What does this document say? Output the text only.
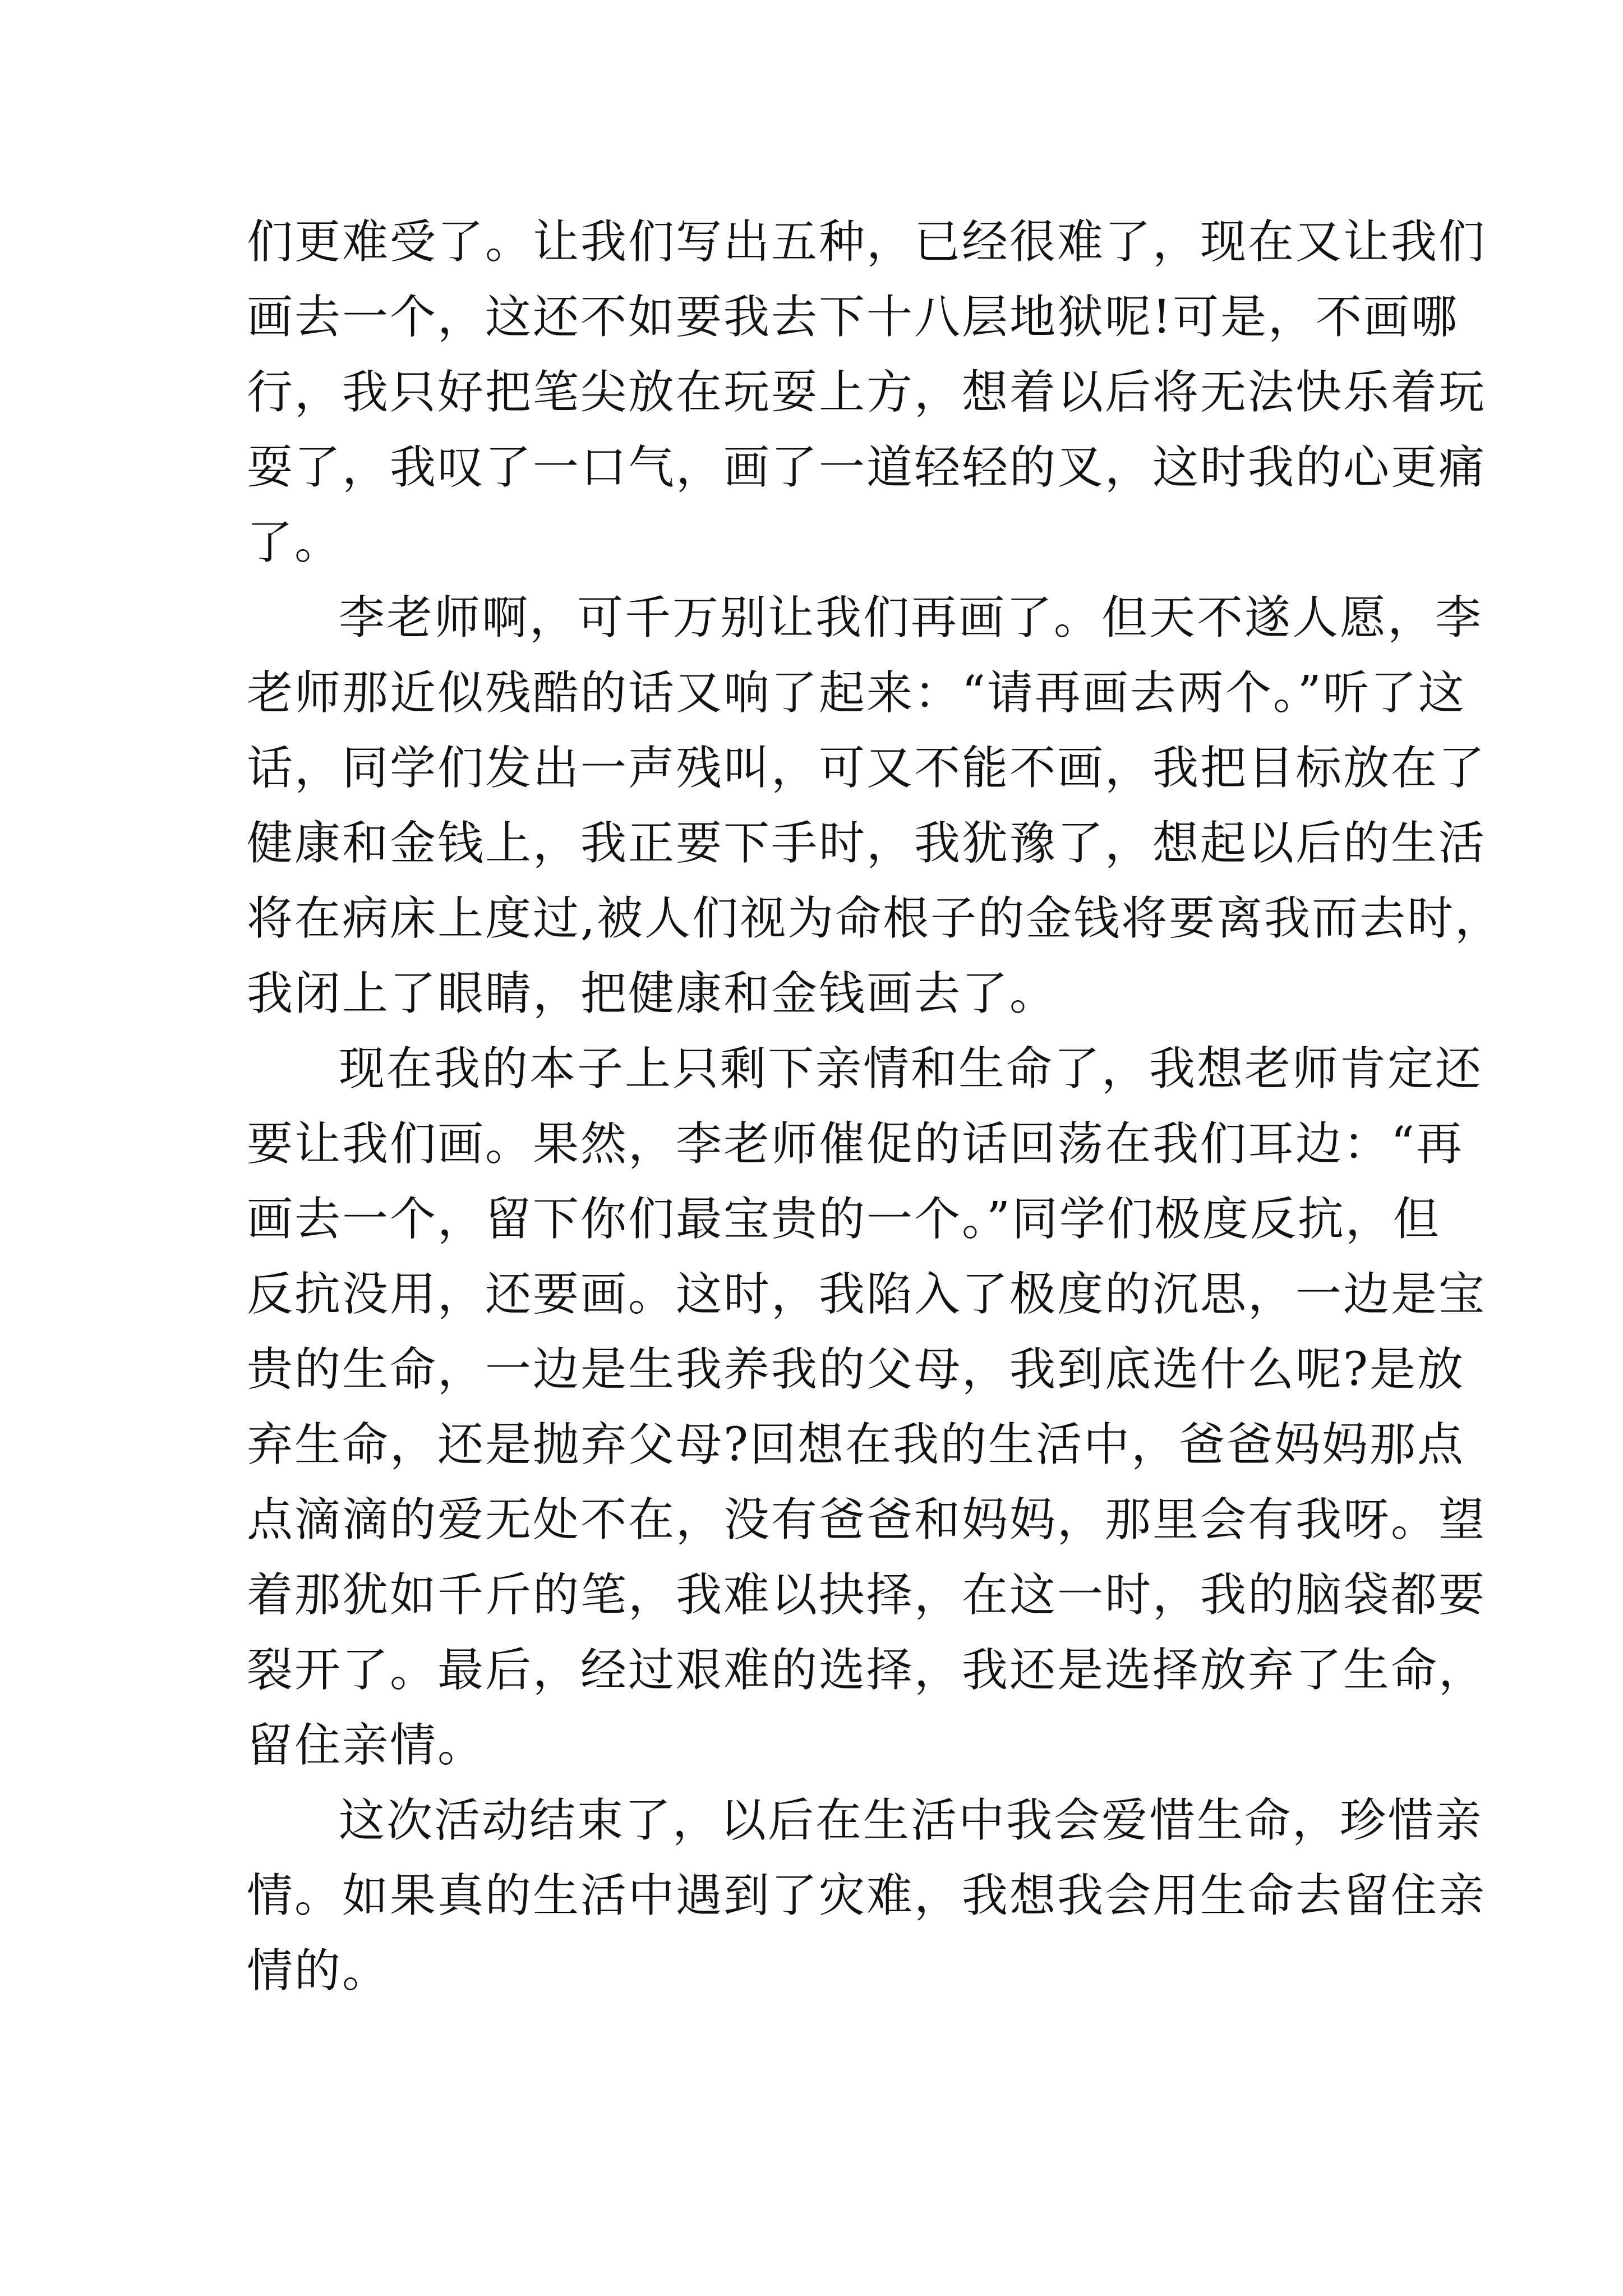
们更难受了。让我们写出五种，已经很难了，现在又让我们
画去一个，这还不如要我去下十八层地狱呢!可是，不画哪
行，我只好把笔尖放在玩耍上方，想着以后将无法快乐着玩
耍了，我叹了一口气，画了一道轻轻的叉，这时我的心更痛
了。
李老师啊，可千万别让我们再画了。但天不遂人愿，李
老师那近似残酷的话又响了起来：“请再画去两个。”听了这
话，同学们发出一声残叫，可又不能不画，我把目标放在了
健康和金钱上，我正要下手时，我犹豫了，想起以后的生活
将在病床上度过,被人们视为命根子的金钱将要离我而去时，
我闭上了眼睛，把健康和金钱画去了。
现在我的本子上只剩下亲情和生命了，我想老师肯定还
要让我们画。果然，李老师催促的话回荡在我们耳边：“再
画去一个，留下你们最宝贵的一个。”同学们极度反抗，但
反抗没用，还要画。这时，我陷入了极度的沉思，一边是宝
贵的生命，一边是生我养我的父母，我到底选什么呢?是放
弃生命，还是抛弃父母?回想在我的生活中，爸爸妈妈那点
点滴滴的爱无处不在，没有爸爸和妈妈，那里会有我呀。望
着那犹如千斤的笔，我难以抉择，在这一时，我的脑袋都要
裂开了。最后，经过艰难的选择，我还是选择放弃了生命，
留住亲情。
这次活动结束了，以后在生活中我会爱惜生命，珍惜亲
情。如果真的生活中遇到了灾难，我想我会用生命去留住亲
情的。
